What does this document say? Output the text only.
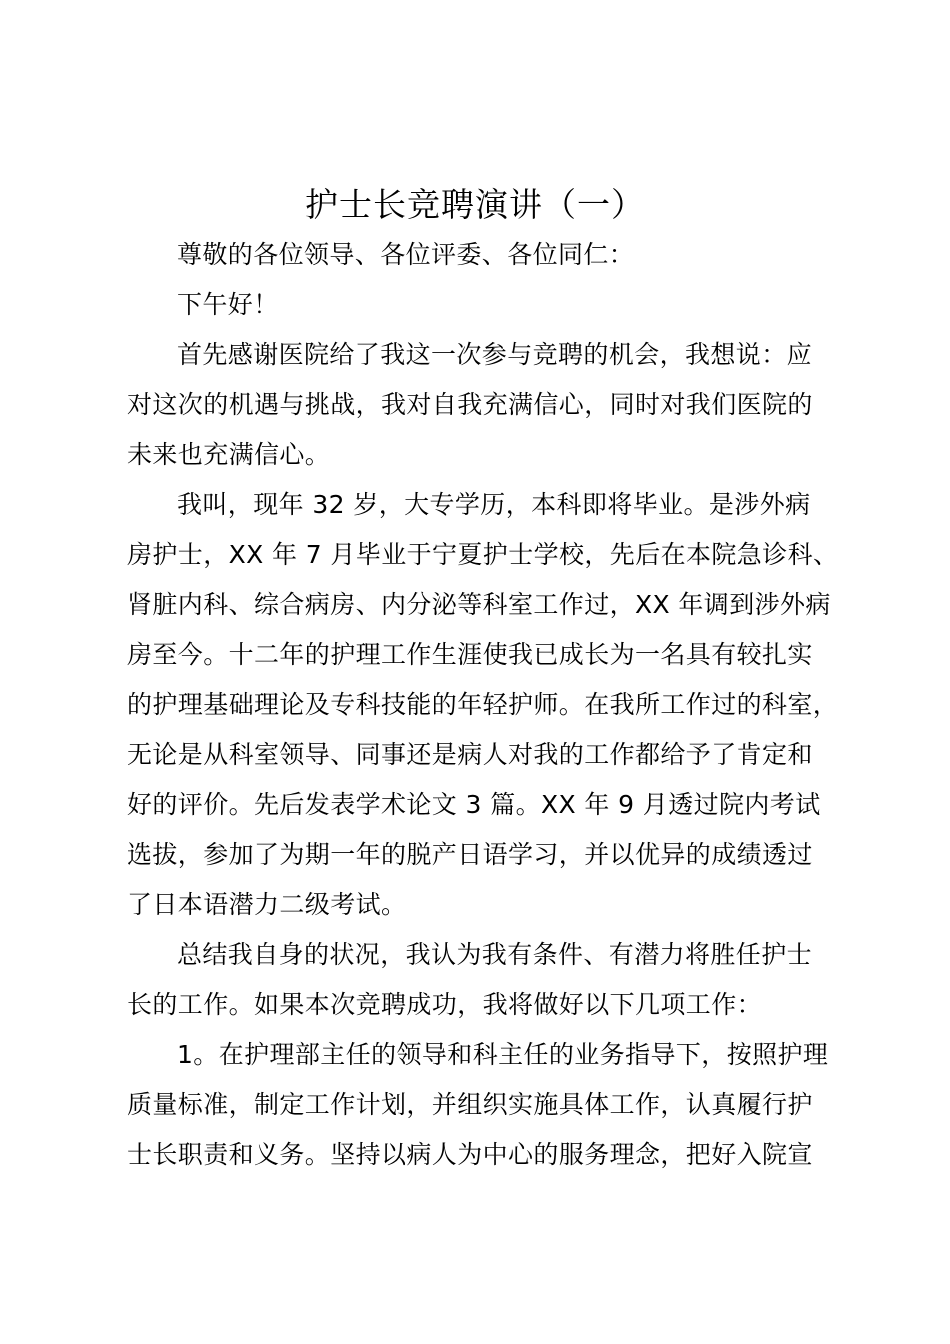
护士长竞聘演讲（一）

尊敬的各位领导、各位评委、各位同仁：

下午好！

首先感谢医院给了我这一次参与竞聘的机会，我想说：应
对这次的机遇与挑战，我对自我充满信心，同时对我们医院的
未来也充满信心。

我叫，现年 32 岁，大专学历，本科即将毕业。是涉外病
房护士，XX 年 7 月毕业于宁夏护士学校，先后在本院急诊科、
肾脏内科、综合病房、内分泌等科室工作过，XX 年调到涉外病
房至今。十二年的护理工作生涯使我已成长为一名具有较扎实
的护理基础理论及专科技能的年轻护师。在我所工作过的科室，
无论是从科室领导、同事还是病人对我的工作都给予了肯定和
好的评价。先后发表学术论文 3 篇。XX 年 9 月透过院内考试
选拔，参加了为期一年的脱产日语学习，并以优异的成绩透过
了日本语潜力二级考试。

总结我自身的状况，我认为我有条件、有潜力将胜任护士
长的工作。如果本次竞聘成功，我将做好以下几项工作：

1。在护理部主任的领导和科主任的业务指导下，按照护理
质量标准，制定工作计划，并组织实施具体工作，认真履行护
士长职责和义务。坚持以病人为中心的服务理念，把好入院宣
